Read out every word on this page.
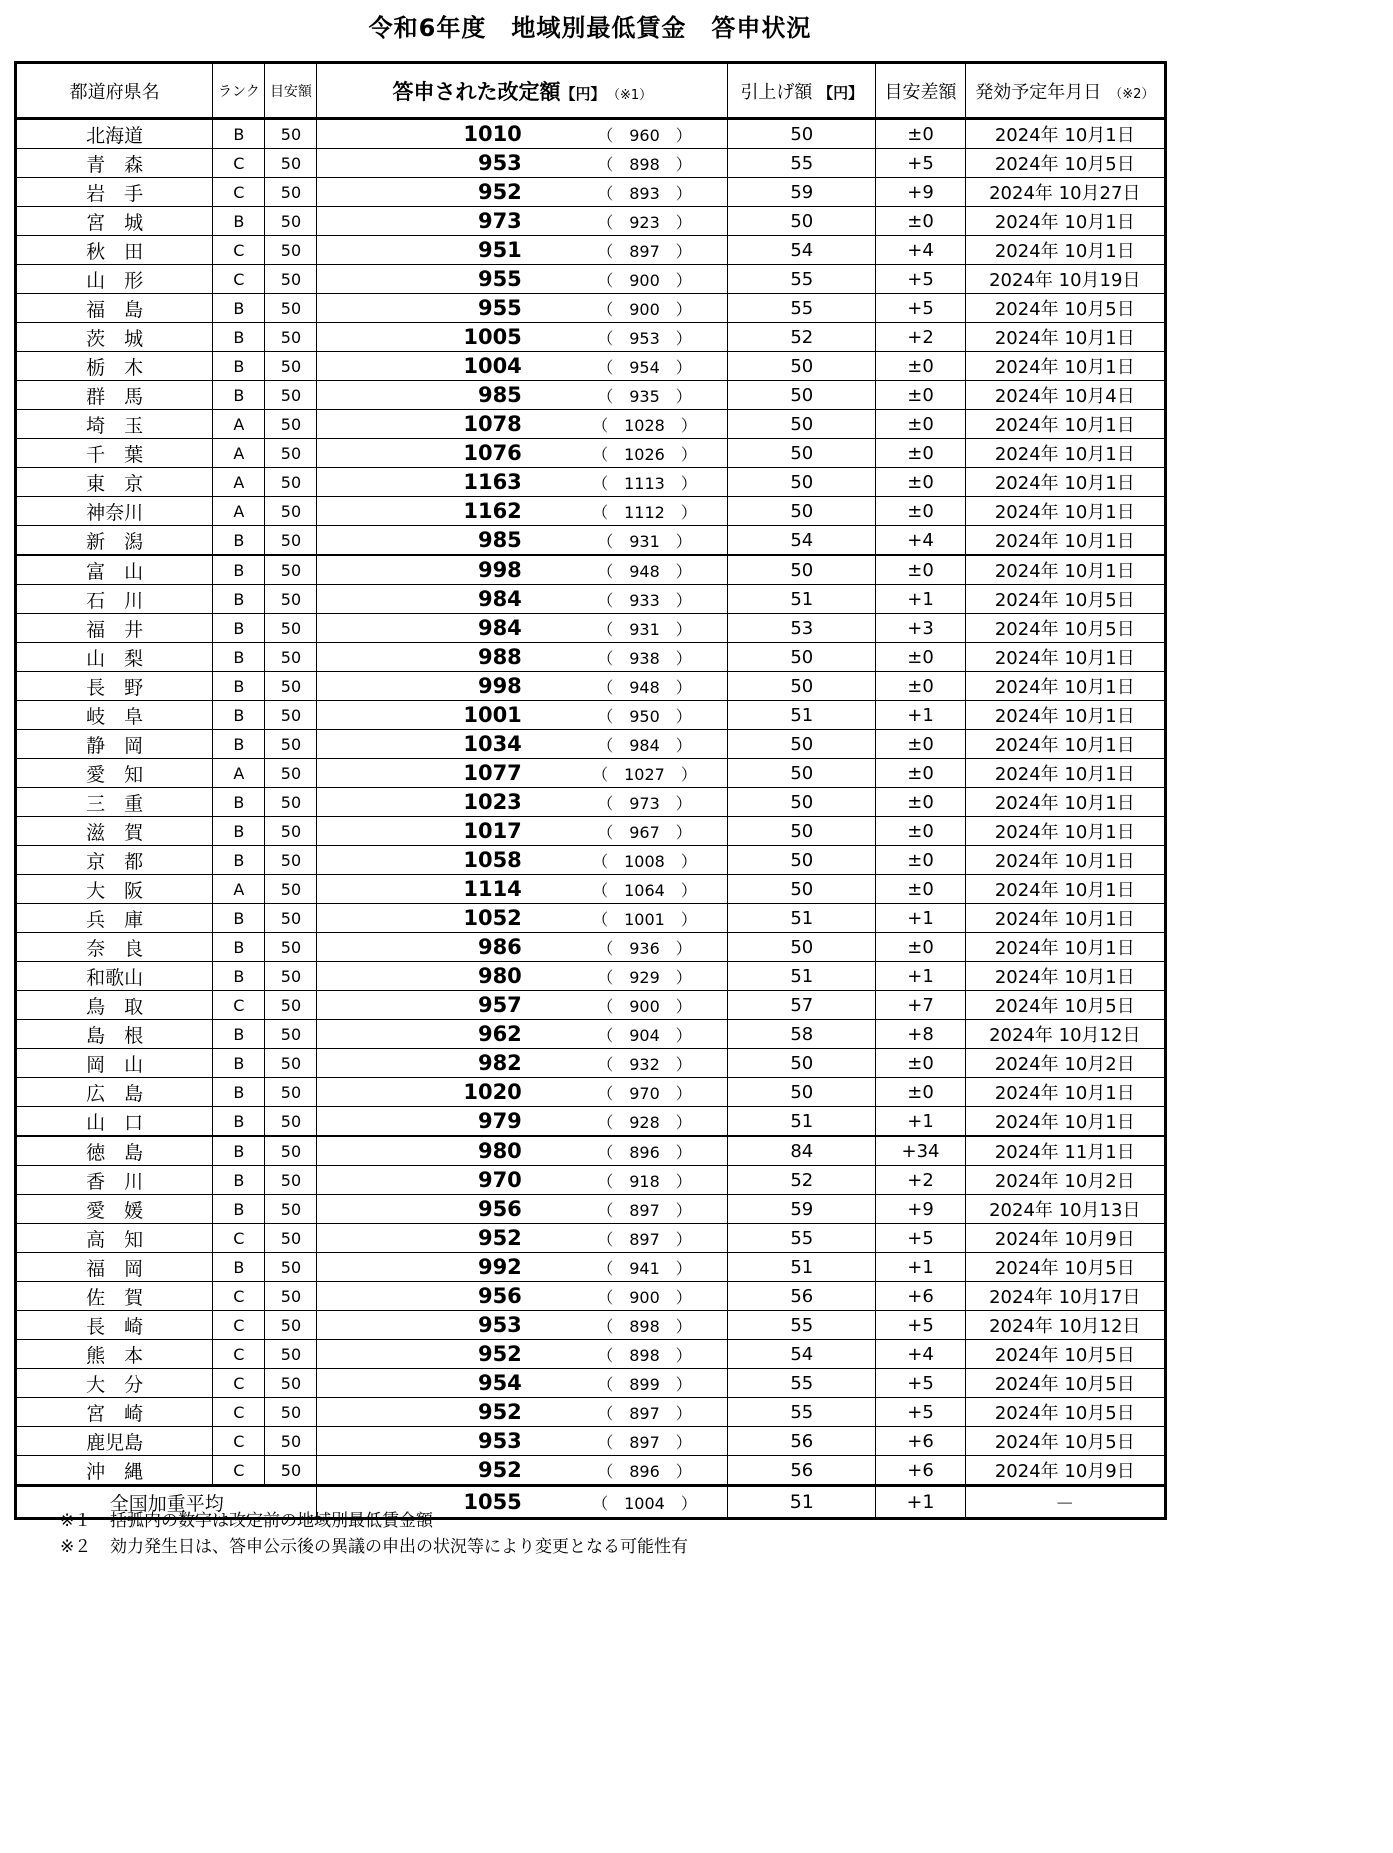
令和6年度　地域別最低賃金　答申状況
都道府県名	ランク	目安額	答申された改定額【円】 （※1）	引上げ額 【円】	目安差額	発効予定年月日 （※2）
北海道	B	50	1010 （　960　）	50	±0	2024年 10月1日
青　森	C	50	953 （　898　）	55	+5	2024年 10月5日
岩　手	C	50	952 （　893　）	59	+9	2024年 10月27日
宮　城	B	50	973 （　923　）	50	±0	2024年 10月1日
秋　田	C	50	951 （　897　）	54	+4	2024年 10月1日
山　形	C	50	955 （　900　）	55	+5	2024年 10月19日
福　島	B	50	955 （　900　）	55	+5	2024年 10月5日
茨　城	B	50	1005 （　953　）	52	+2	2024年 10月1日
栃　木	B	50	1004 （　954　）	50	±0	2024年 10月1日
群　馬	B	50	985 （　935　）	50	±0	2024年 10月4日
埼　玉	A	50	1078 （　1028　）	50	±0	2024年 10月1日
千　葉	A	50	1076 （　1026　）	50	±0	2024年 10月1日
東　京	A	50	1163 （　1113　）	50	±0	2024年 10月1日
神奈川	A	50	1162 （　1112　）	50	±0	2024年 10月1日
新　潟	B	50	985 （　931　）	54	+4	2024年 10月1日
富　山	B	50	998 （　948　）	50	±0	2024年 10月1日
石　川	B	50	984 （　933　）	51	+1	2024年 10月5日
福　井	B	50	984 （　931　）	53	+3	2024年 10月5日
山　梨	B	50	988 （　938　）	50	±0	2024年 10月1日
長　野	B	50	998 （　948　）	50	±0	2024年 10月1日
岐　阜	B	50	1001 （　950　）	51	+1	2024年 10月1日
静　岡	B	50	1034 （　984　）	50	±0	2024年 10月1日
愛　知	A	50	1077 （　1027　）	50	±0	2024年 10月1日
三　重	B	50	1023 （　973　）	50	±0	2024年 10月1日
滋　賀	B	50	1017 （　967　）	50	±0	2024年 10月1日
京　都	B	50	1058 （　1008　）	50	±0	2024年 10月1日
大　阪	A	50	1114 （　1064　）	50	±0	2024年 10月1日
兵　庫	B	50	1052 （　1001　）	51	+1	2024年 10月1日
奈　良	B	50	986 （　936　）	50	±0	2024年 10月1日
和歌山	B	50	980 （　929　）	51	+1	2024年 10月1日
鳥　取	C	50	957 （　900　）	57	+7	2024年 10月5日
島　根	B	50	962 （　904　）	58	+8	2024年 10月12日
岡　山	B	50	982 （　932　）	50	±0	2024年 10月2日
広　島	B	50	1020 （　970　）	50	±0	2024年 10月1日
山　口	B	50	979 （　928　）	51	+1	2024年 10月1日
徳　島	B	50	980 （　896　）	84	+34	2024年 11月1日
香　川	B	50	970 （　918　）	52	+2	2024年 10月2日
愛　媛	B	50	956 （　897　）	59	+9	2024年 10月13日
高　知	C	50	952 （　897　）	55	+5	2024年 10月9日
福　岡	B	50	992 （　941　）	51	+1	2024年 10月5日
佐　賀	C	50	956 （　900　）	56	+6	2024年 10月17日
長　崎	C	50	953 （　898　）	55	+5	2024年 10月12日
熊　本	C	50	952 （　898　）	54	+4	2024年 10月5日
大　分	C	50	954 （　899　）	55	+5	2024年 10月5日
宮　崎	C	50	952 （　897　）	55	+5	2024年 10月5日
鹿児島	C	50	953 （　897　）	56	+6	2024年 10月5日
沖　縄	C	50	952 （　896　）	56	+6	2024年 10月9日
全国加重平均			1055 （　1004　）	51	+1	－
※１ 括弧内の数字は改定前の地域別最低賃金額
※２ 効力発生日は、答申公示後の異議の申出の状況等により変更となる可能性有
